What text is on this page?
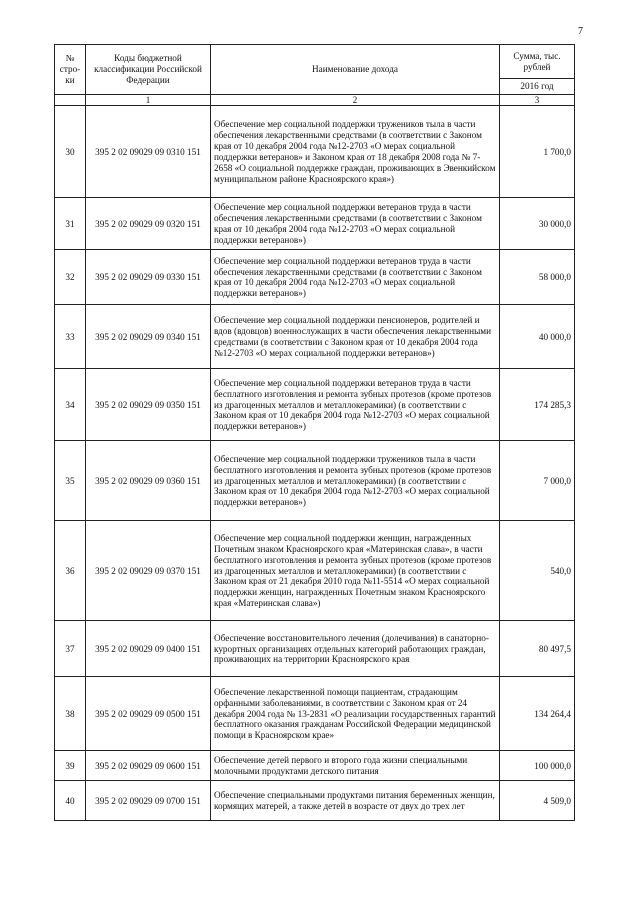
7
№ стро-ки	Коды бюджетной классификации Российской Федерации	Наименование дохода	Сумма, тыс. рублей
			2016 год
	1	2	3
30	395 2 02 09029 09 0310 151	Обеспечение мер социальной поддержки тружеников тыла в части обеспечения лекарственными средствами (в соответствии с Законом края от 10 декабря 2004 года №12-2703 «О мерах социальной поддержки ветеранов» и Законом края от 18 декабря 2008 года № 7-2658 «О социальной поддержке граждан, проживающих в Эвенкийском муниципальном районе Красноярского края»)	1 700,0
31	395 2 02 09029 09 0320 151	Обеспечение мер социальной поддержки ветеранов труда в части обеспечения лекарственными средствами (в соответствии с Законом края от 10 декабря 2004 года №12-2703 «О мерах социальной поддержки ветеранов»)	30 000,0
32	395 2 02 09029 09 0330 151	Обеспечение мер социальной поддержки ветеранов труда в части обеспечения лекарственными средствами (в соответствии с Законом края от 10 декабря 2004 года №12-2703 «О мерах социальной поддержки ветеранов»)	58 000,0
33	395 2 02 09029 09 0340 151	Обеспечение мер социальной поддержки пенсионеров, родителей и вдов (вдовцов) военнослужащих в части обеспечения лекарственными средствами (в соответствии с Законом края от 10 декабря 2004 года №12-2703 «О мерах социальной поддержки ветеранов»)	40 000,0
34	395 2 02 09029 09 0350 151	Обеспечение мер социальной поддержки ветеранов труда в части бесплатного изготовления и ремонта зубных протезов (кроме протезов из драгоценных металлов и металлокерамики) (в соответствии с Законом края от 10 декабря 2004 года №12-2703 «О мерах социальной поддержки ветеранов»)	174 285,3
35	395 2 02 09029 09 0360 151	Обеспечение мер социальной поддержки тружеников тыла в части бесплатного изготовления и ремонта зубных протезов (кроме протезов из драгоценных металлов и металлокерамики) (в соответствии с Законом края от 10 декабря 2004 года №12-2703 «О мерах социальной поддержки ветеранов»)	7 000,0
36	395 2 02 09029 09 0370 151	Обеспечение мер социальной поддержки женщин, награжденных Почетным знаком Красноярского края «Материнская слава», в части бесплатного изготовления и ремонта зубных протезов (кроме протезов из драгоценных металлов и металлокерамики) (в соответствии с Законом края от 21 декабря 2010 года №11-5514 «О мерах социальной поддержки женщин, награжденных Почетным знаком Красноярского края «Материнская слава»)	540,0
37	395 2 02 09029 09 0400 151	Обеспечение восстановительного лечения (долечивания) в санаторно-курортных организациях отдельных категорий работающих граждан, проживающих на территории Красноярского края	80 497,5
38	395 2 02 09029 09 0500 151	Обеспечение лекарственной помощи пациентам, страдающим орфанными заболеваниями, в соответствии с Законом края от 24 декабря 2004 года № 13-2831 «О реализации государственных гарантий бесплатного оказания гражданам Российской Федерации медицинской помощи в Красноярском крае»	134 264,4
39	395 2 02 09029 09 0600 151	Обеспечение детей первого и второго года жизни специальными молочными продуктами детского питания	100 000,0
40	395 2 02 09029 09 0700 151	Обеспечение специальными продуктами питания беременных женщин, кормящих матерей, а также детей в возрасте от двух до трех лет	4 509,0
